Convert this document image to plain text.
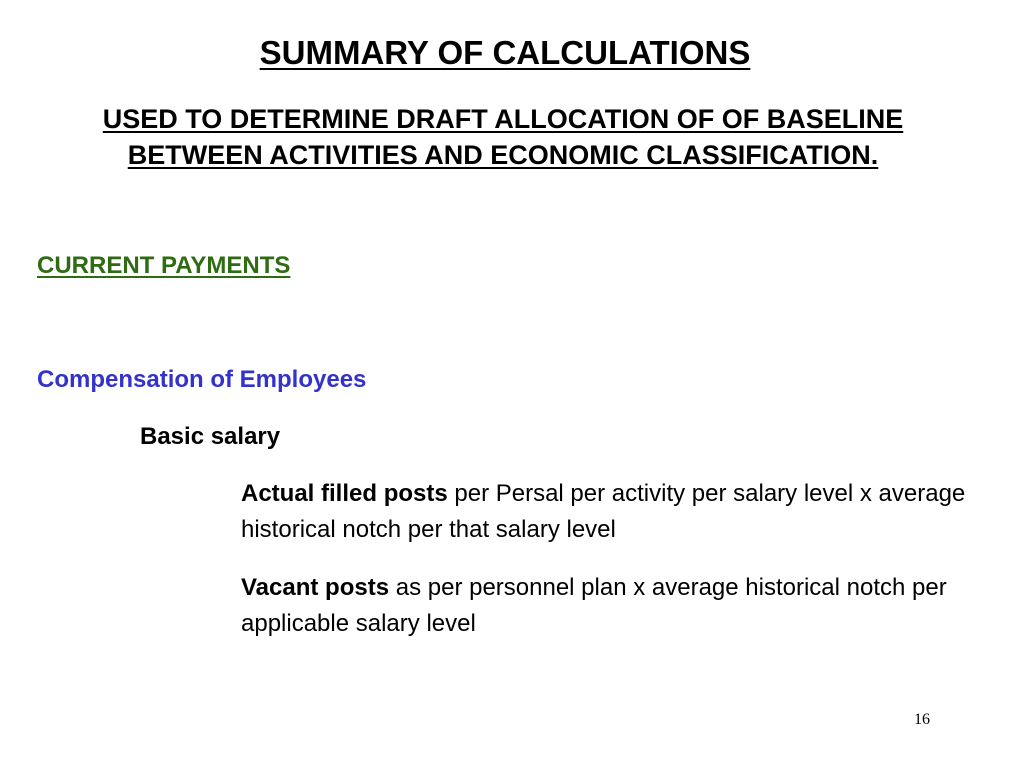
SUMMARY OF CALCULATIONS
USED TO DETERMINE DRAFT ALLOCATION OF OF BASELINE
BETWEEN ACTIVITIES AND ECONOMIC CLASSIFICATION.
CURRENT PAYMENTS
Compensation of Employees
Basic salary
Actual filled posts per Persal per activity per salary level x average historical notch per that salary level
Vacant posts as per personnel plan x average historical notch per applicable salary level
16
